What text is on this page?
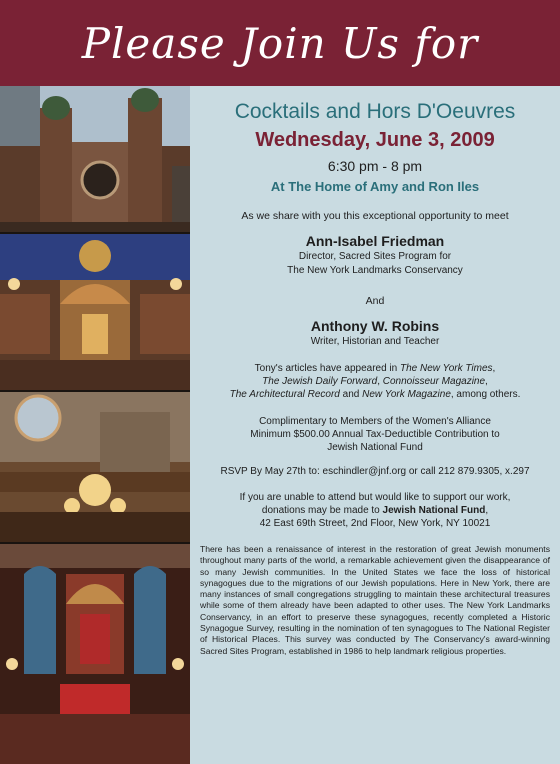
Please Join Us for
Cocktails and Hors D'Oeuvres
Wednesday, June 3, 2009
6:30 pm - 8 pm
At The Home of Amy and Ron Iles
As we share with you this exceptional opportunity to meet
Ann-Isabel Friedman
Director, Sacred Sites Program for
The New York Landmarks Conservancy
And
Anthony W. Robins
Writer, Historian and Teacher
Tony's articles have appeared in The New York Times,
The Jewish Daily Forward, Connoisseur Magazine,
The Architectural Record and New York Magazine, among others.
Complimentary to Members of the Women's Alliance
Minimum $500.00 Annual Tax-Deductible Contribution to
Jewish National Fund
RSVP By May 27th to: eschindler@jnf.org or call 212 879.9305, x.297
If you are unable to attend but would like to support our work,
donations may be made to Jewish National Fund,
42 East 69th Street, 2nd Floor, New York, NY 10021
There has been a renaissance of interest in the restoration of great Jewish monuments throughout many parts of the world, a remarkable achievement given the disappearance of so many Jewish communities. In the United States we face the loss of historical synagogues due to the migrations of our Jewish populations. Here in New York, there are many instances of small congregations struggling to maintain these architectural treasures while some of them already have been adapted to other uses. The New York Landmarks Conservancy, in an effort to preserve these synagogues, recently completed a Historic Synagogue Survey, resulting in the nomination of ten synagogues to The National Register of Historical Places. This survey was conducted by The Conservancy's award-winning Sacred Sites Program, established in 1986 to help landmark religious properties.
